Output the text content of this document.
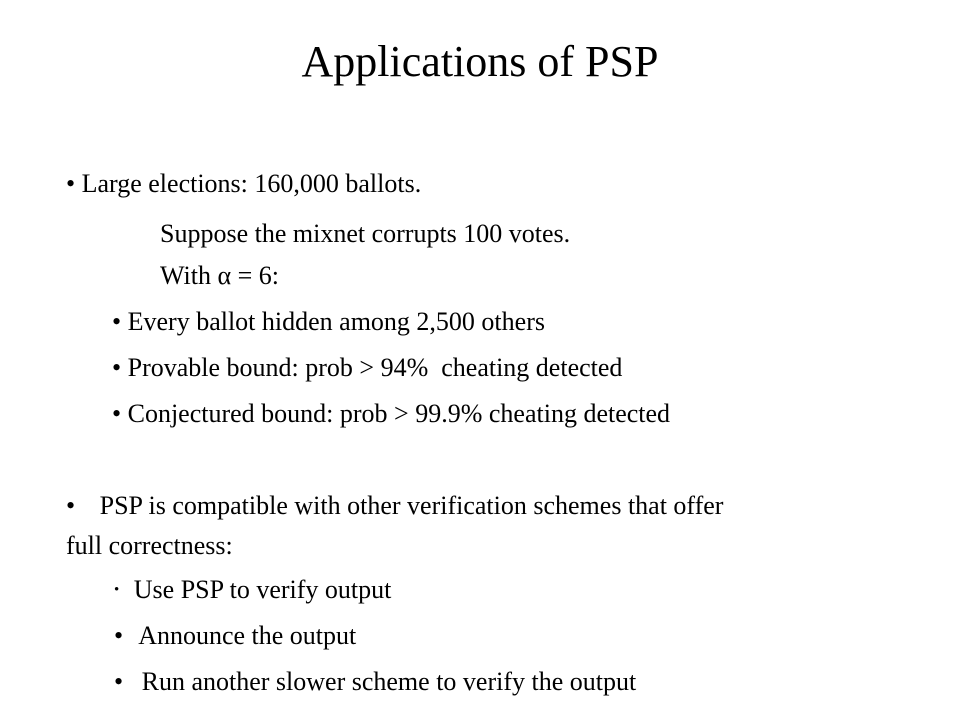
Applications of PSP
• Large elections: 160,000 ballots.
Suppose the mixnet corrupts 100 votes.
With α = 6:
• Every ballot hidden among 2,500 others
• Provable bound: prob > 94%  cheating detected
• Conjectured bound: prob > 99.9% cheating detected
• PSP is compatible with other verification schemes that offer
full correctness:
• Use PSP to verify output
• Announce the output
• Run another slower scheme to verify the output
